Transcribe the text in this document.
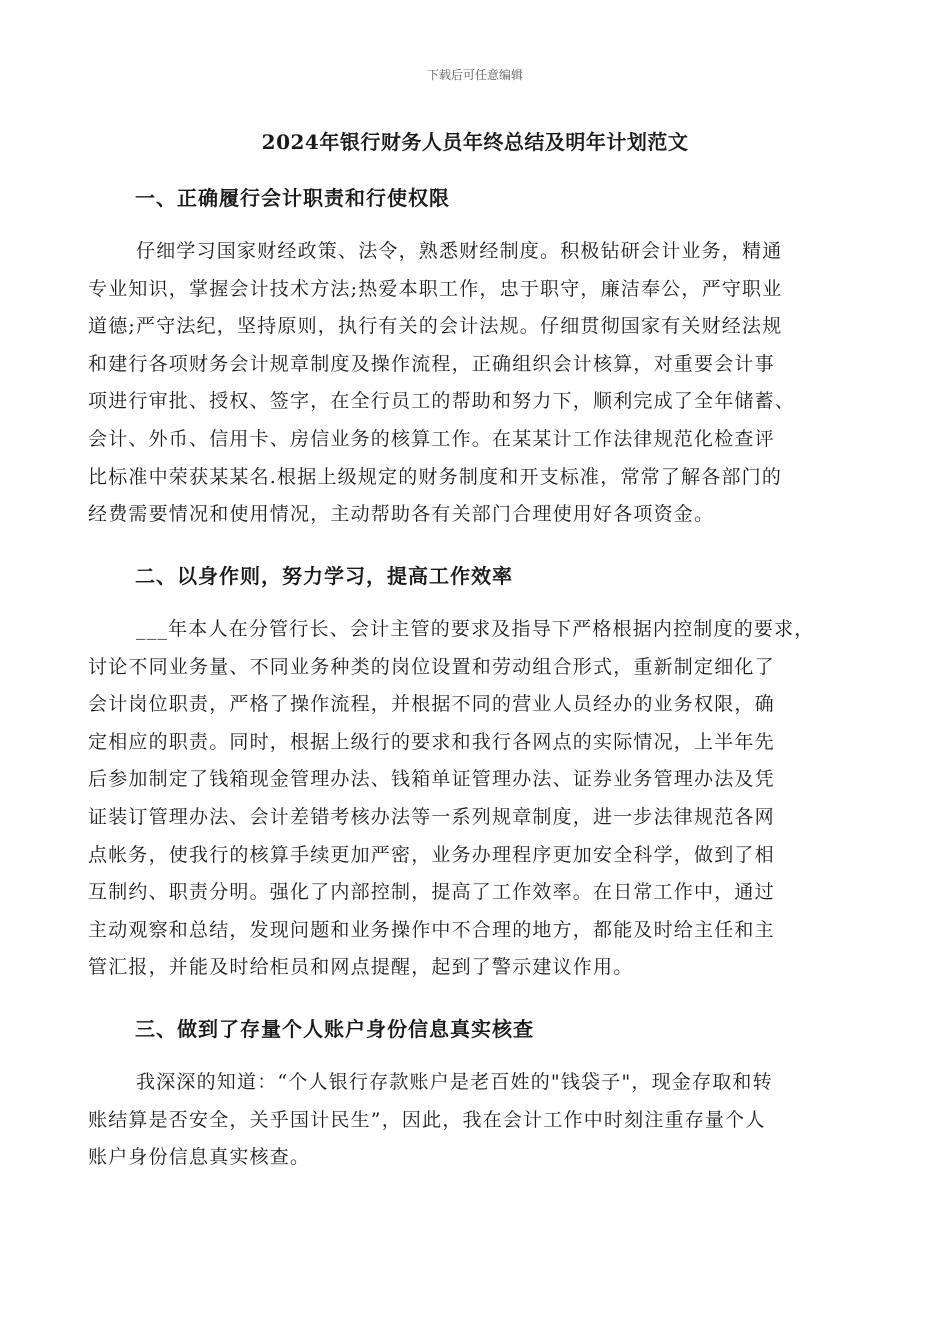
下载后可任意编辑
2024年银行财务人员年终总结及明年计划范文
一、正确履行会计职责和行使权限
仔细学习国家财经政策、法令，熟悉财经制度。积极钻研会计业务，精通
专业知识，掌握会计技术方法;热爱本职工作，忠于职守，廉洁奉公，严守职业
道德;严守法纪，坚持原则，执行有关的会计法规。仔细贯彻国家有关财经法规
和建行各项财务会计规章制度及操作流程，正确组织会计核算，对重要会计事
项进行审批、授权、签字，在全行员工的帮助和努力下，顺利完成了全年储蓄、
会计、外币、信用卡、房信业务的核算工作。在某某计工作法律规范化检查评
比标准中荣获某某名.根据上级规定的财务制度和开支标准，常常了解各部门的
经费需要情况和使用情况，主动帮助各有关部门合理使用好各项资金。
二、以身作则，努力学习，提高工作效率
___年本人在分管行长、会计主管的要求及指导下严格根据内控制度的要求，
讨论不同业务量、不同业务种类的岗位设置和劳动组合形式，重新制定细化了
会计岗位职责，严格了操作流程，并根据不同的营业人员经办的业务权限，确
定相应的职责。同时，根据上级行的要求和我行各网点的实际情况，上半年先
后参加制定了钱箱现金管理办法、钱箱单证管理办法、证券业务管理办法及凭
证装订管理办法、会计差错考核办法等一系列规章制度，进一步法律规范各网
点帐务，使我行的核算手续更加严密，业务办理程序更加安全科学，做到了相
互制约、职责分明。强化了内部控制，提高了工作效率。在日常工作中，通过
主动观察和总结，发现问题和业务操作中不合理的地方，都能及时给主任和主
管汇报，并能及时给柜员和网点提醒，起到了警示建议作用。
三、做到了存量个人账户身份信息真实核查
我深深的知道：“个人银行存款账户是老百姓的"钱袋子"，现金存取和转
账结算是否安全，关乎国计民生”，因此，我在会计工作中时刻注重存量个人
账户身份信息真实核查。
